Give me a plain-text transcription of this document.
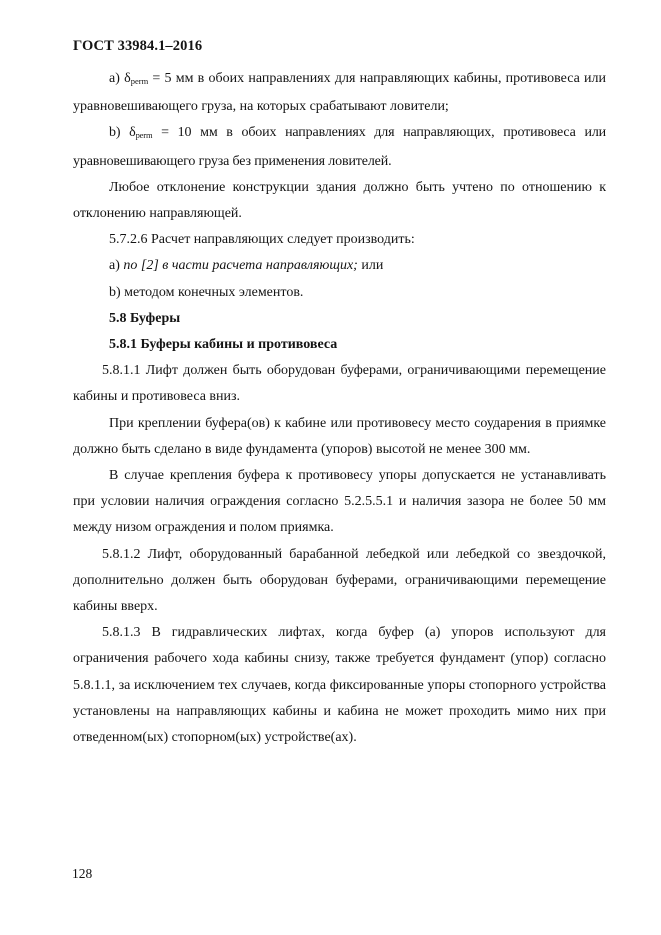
ГОСТ 33984.1–2016

a) $\delta_{perm} = 5$ мм в обоих направлениях для направляющих кабины, противовеса или уравновешивающего груза, на которых срабатывают ловители;

b) $\delta_{perm} = 10$ мм в обоих направлениях для направляющих, противовеса или уравновешивающего груза без применения ловителей.

Любое отклонение конструкции здания должно быть учтено по отношению к отклонению направляющей.

5.7.2.6 Расчет направляющих следует производить:

a) по [2] в части расчета направляющих; или

b) методом конечных элементов.

5.8 Буферы

5.8.1 Буферы кабины и противовеса

5.8.1.1 Лифт должен быть оборудован буферами, ограничивающими перемещение кабины и противовеса вниз.

При креплении буфера(ов) к кабине или противовесу место соударения в приямке должно быть сделано в виде фундамента (упоров) высотой не менее 300 мм.

В случае крепления буфера к противовесу упоры допускается не устанавливать при условии наличия ограждения согласно 5.2.5.5.1 и наличия зазора не более 50 мм между низом ограждения и полом приямка.

5.8.1.2 Лифт, оборудованный барабанной лебедкой или лебедкой со звездочкой, дополнительно должен быть оборудован буферами, ограничивающими перемещение кабины вверх.

5.8.1.3 В гидравлических лифтах, когда буфер (а) упоров используют для ограничения рабочего хода кабины снизу, также требуется фундамент (упор) согласно 5.8.1.1, за исключением тех случаев, когда фиксированные упоры стопорного устройства установлены на направляющих кабины и кабина не может проходить мимо них при отведенном(ых) стопорном(ых) устройстве(ах).

128
